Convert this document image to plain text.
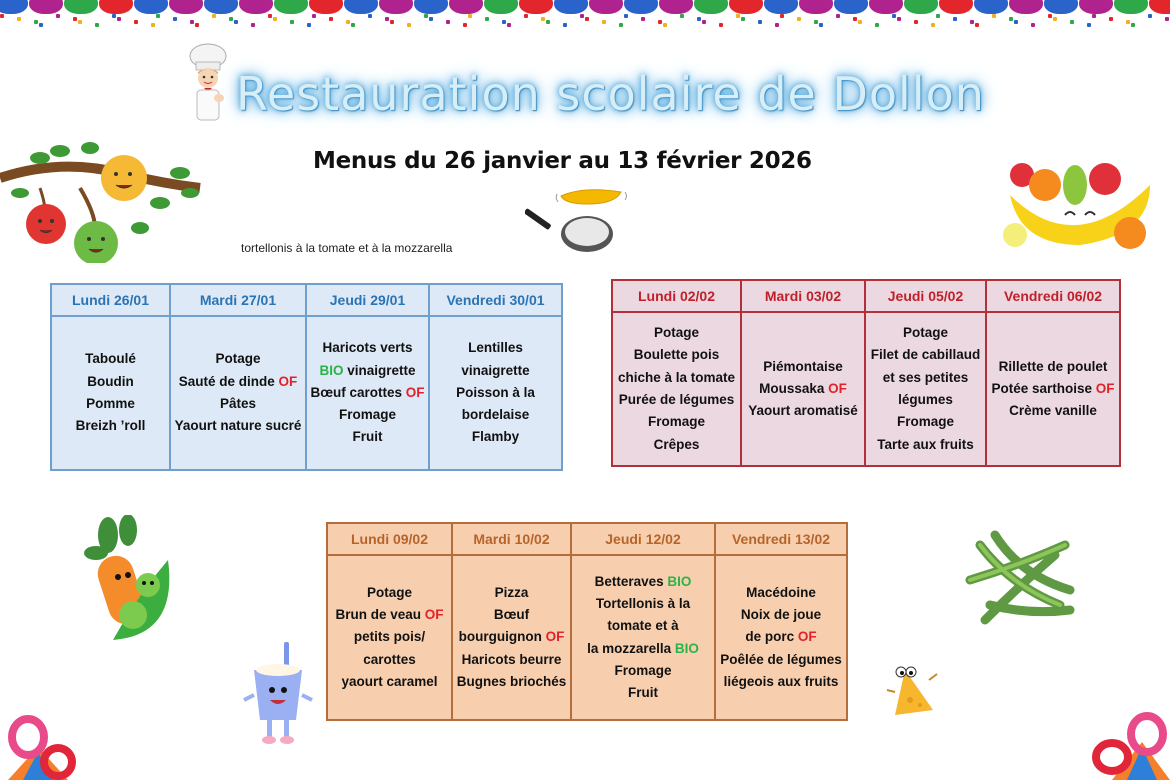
Restauration scolaire de Dollon
Menus du 26 janvier au 13 février 2026
tortellonis à la tomate et à la mozzarella
Lundi 26/01	Mardi 27/01	Jeudi 29/01	Vendredi 30/01

Taboulé
Boudin
Pomme
Breizh ’roll	Potage
Sauté de dinde OF
Pâtes
Yaourt nature sucré	Haricots verts
BIO vinaigrette
Bœuf carottes OF
Fromage
Fruit	Lentilles
vinaigrette
Poisson à la
bordelaise
Flamby
Lundi 02/02	Mardi 03/02	Jeudi 05/02	Vendredi 06/02

Potage
Boulette pois
chiche à la tomate
Purée de légumes
Fromage
Crêpes

Piémontaise
Moussaka OF
Yaourt aromatisé

Potage
Filet de cabillaud
et ses petites
légumes
Fromage
Tarte aux fruits

Rillette de poulet
Potée sarthoise OF
Crème vanille
Lundi 09/02	Mardi 10/02	Jeudi 12/02	Vendredi 13/02

Potage
Brun de veau OF
petits pois/
carottes
yaourt caramel

Pizza
Bœuf
bourguignon OF
Haricots beurre
Bugnes briochés

Betteraves BIO
Tortellonis à la
tomate et à
la mozzarella BIO
Fromage
Fruit

Macédoine
Noix de joue
de porc OF
Poêlée de légumes
liégeois aux fruits
